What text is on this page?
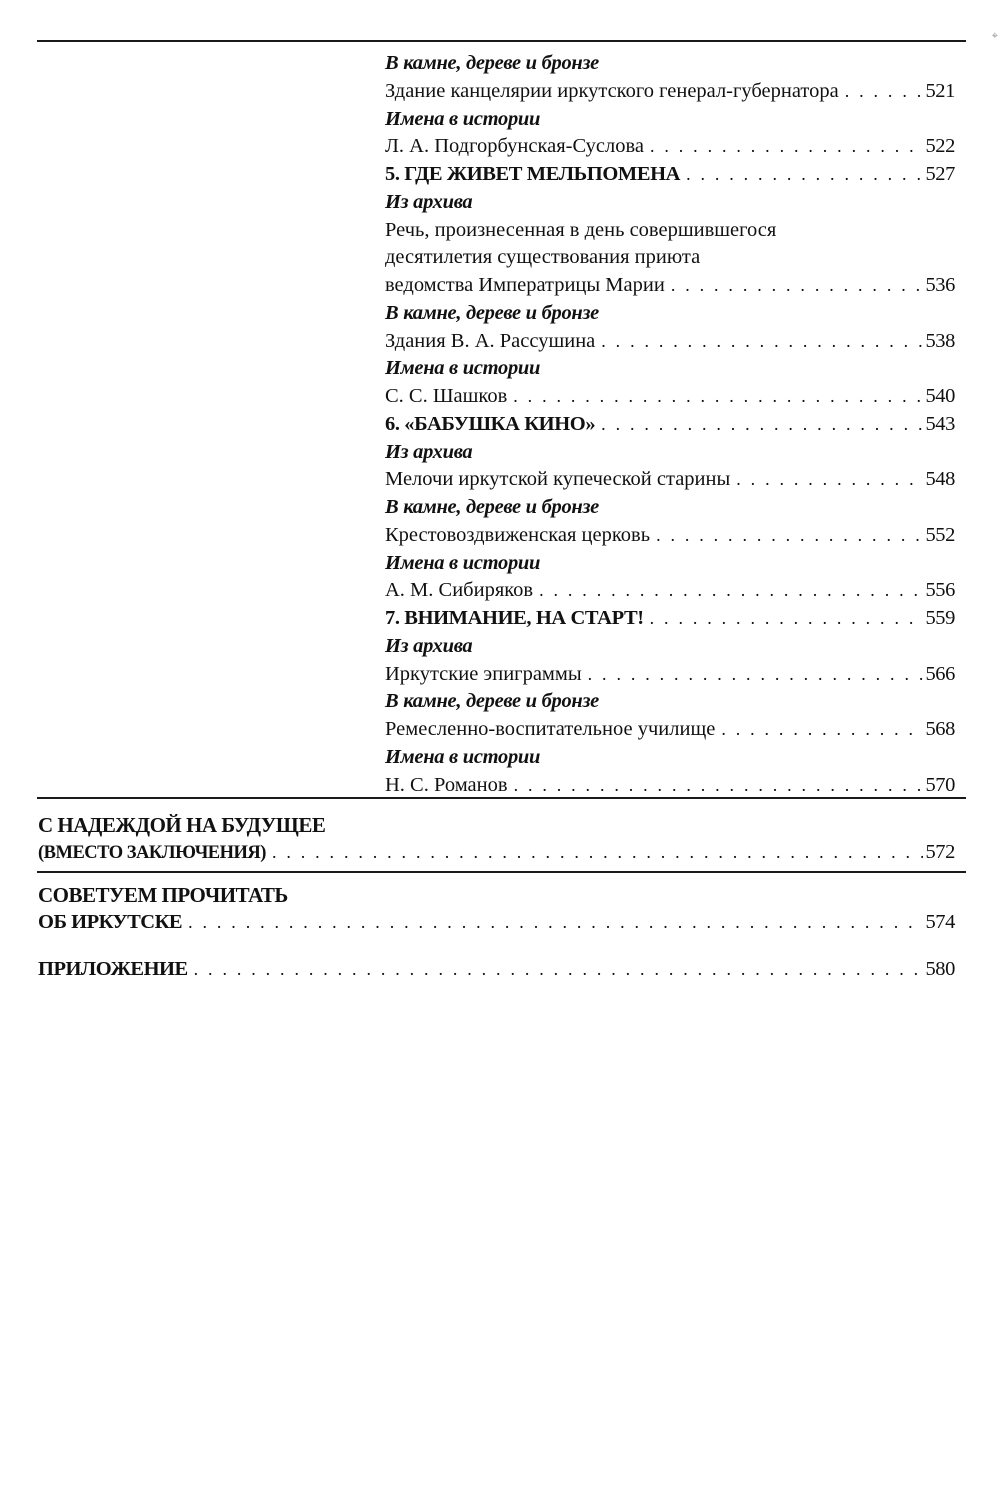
⌖
В камне, дереве и бронзе
Здание канцелярии иркутского генерал-губернатора . . .	521
Имена в истории
Л. А. Подгорбунская-Суслова . . .	522
5. ГДЕ ЖИВЕТ МЕЛЬПОМЕНА . . .	527
Из архива
Речь, произнесенная в день совершившегося
десятилетия существования приюта
ведомства Императрицы Марии . . .	536
В камне, дереве и бронзе
Здания В. А. Рассушина . . .	538
Имена в истории
С. С. Шашков . . .	540
6. «БАБУШКА КИНО» . . .	543
Из архива
Мелочи иркутской купеческой старины . . .	548
В камне, дереве и бронзе
Крестовоздвиженская церковь . . .	552
Имена в истории
А. М. Сибиряков . . .	556
7. ВНИМАНИЕ, НА СТАРТ! . . .	559
Из архива
Иркутские эпиграммы . . .	566
В камне, дереве и бронзе
Ремесленно-воспитательное училище . . .	568
Имена в истории
Н. С. Романов . . .	570
С НАДЕЖДОЙ НА БУДУЩЕЕ
(ВМЕСТО ЗАКЛЮЧЕНИЯ) . . .	572
СОВЕТУЕМ ПРОЧИТАТЬ
ОБ ИРКУТСКЕ . . .	574
ПРИЛОЖЕНИЕ . . .	580
